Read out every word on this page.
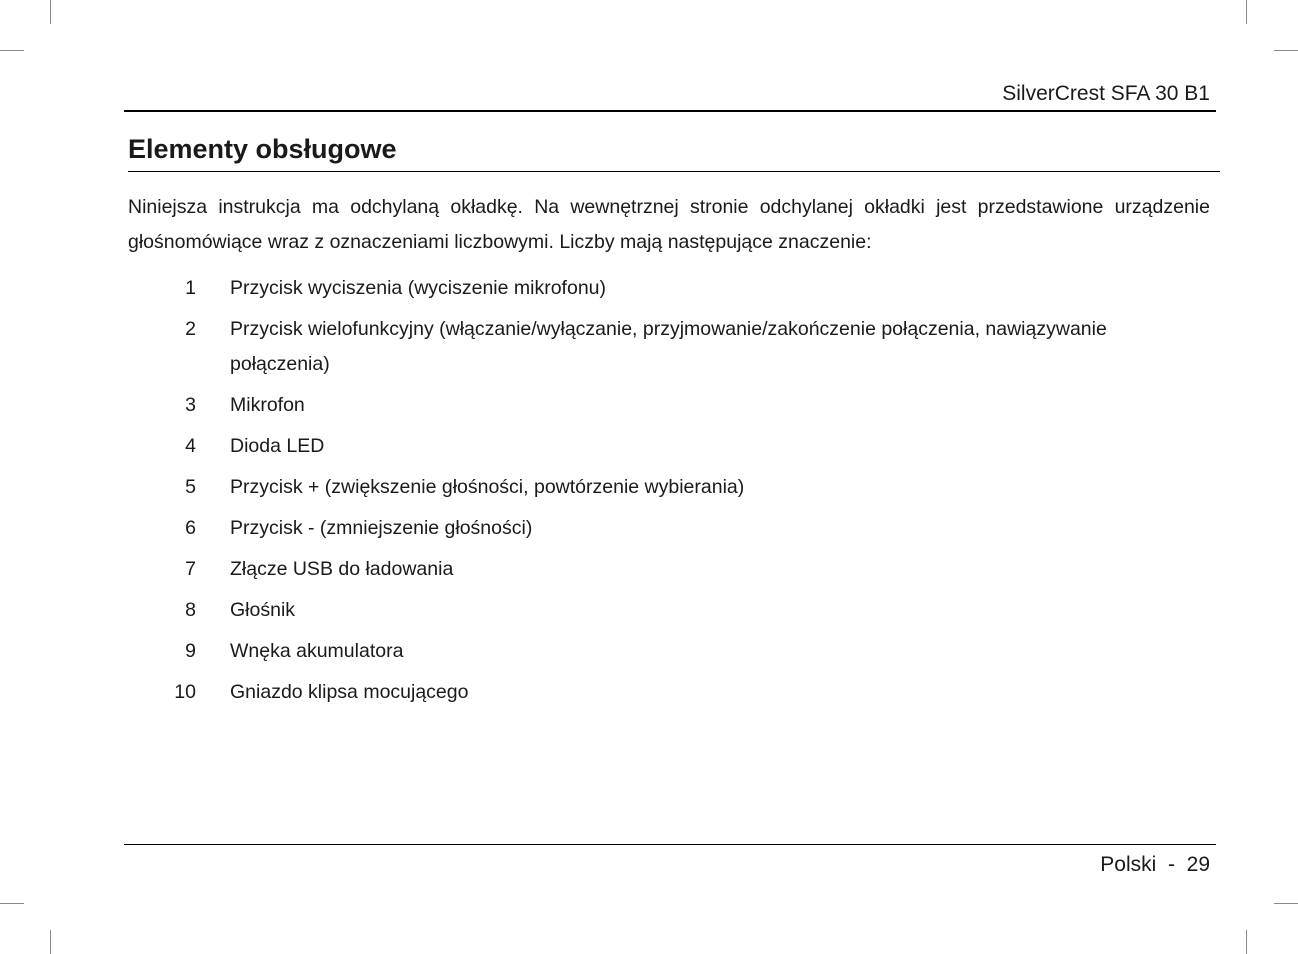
SilverCrest SFA 30 B1
Elementy obsługowe

Niniejsza instrukcja ma odchylaną okładkę. Na wewnętrznej stronie odchylanej okładki jest przedstawione urządzenie głośnomówiące wraz z oznaczeniami liczbowymi. Liczby mają następujące znaczenie:

1 Przycisk wyciszenia (wyciszenie mikrofonu)
2 Przycisk wielofunkcyjny (włączanie/wyłączanie, przyjmowanie/zakończenie połączenia, nawiązywanie połączenia)
3 Mikrofon
4 Dioda LED
5 Przycisk + (zwiększenie głośności, powtórzenie wybierania)
6 Przycisk - (zmniejszenie głośności)
7 Złącze USB do ładowania
8 Głośnik
9 Wnęka akumulatora
10 Gniazdo klipsa mocującego
Polski - 29
